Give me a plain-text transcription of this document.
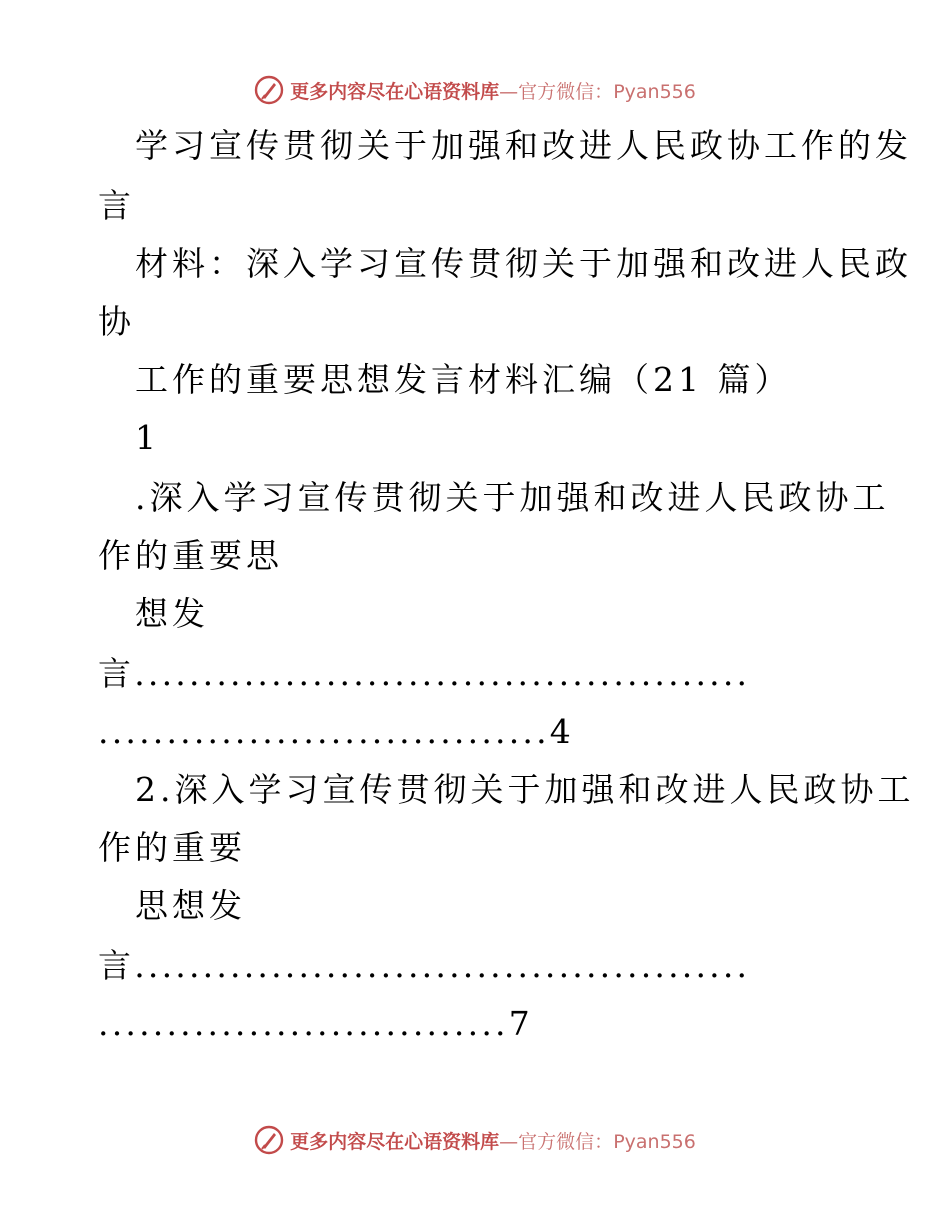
更多内容尽在心语资料库—官方微信：Pyan556
学习宣传贯彻关于加强和改进人民政协工作的发
言
材料：深入学习宣传贯彻关于加强和改进人民政
协
工作的重要思想发言材料汇编（21 篇）
1
.深入学习宣传贯彻关于加强和改进人民政协工
作的重要思
想发
言.............................................
.................................4
2.深入学习宣传贯彻关于加强和改进人民政协工
作的重要
思想发
言.............................................
..............................7
更多内容尽在心语资料库—官方微信：Pyan556
